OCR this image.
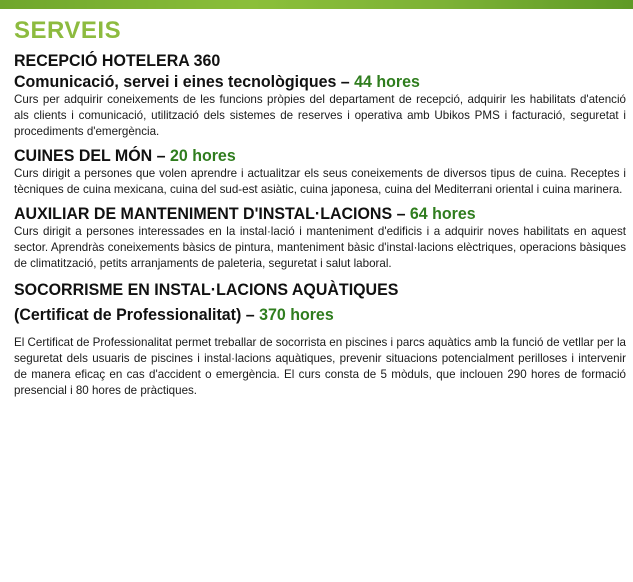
SERVEIS
RECEPCIÓ HOTELERA 360
Comunicació, servei i eines tecnològiques – 44 hores

Curs per adquirir coneixements de les funcions pròpies del departament de recepció, adquirir les habilitats d'atenció als clients i comunicació, utilització dels sistemes de reserves i operativa amb Ubikos PMS i facturació, seguretat i procediments d'emergència.

CUINES DEL MÓN – 20 hores

Curs dirigit a persones que volen aprendre i actualitzar els seus coneixements de diversos tipus de cuina. Receptes i tècniques de cuina mexicana, cuina del sud-est asiàtic, cuina japonesa, cuina del Mediterrani oriental i cuina marinera.

AUXILIAR DE MANTENIMENT D'INSTAL·LACIONS – 64 hores

Curs dirigit a persones interessades en la instal·lació i manteniment d'edificis i a adquirir noves habilitats en aquest sector. Aprendràs coneixements bàsics de pintura, manteniment bàsic d'instal·lacions elèctriques, operacions bàsiques de climatització, petits arranjaments de paleteria, seguretat i salut laboral.

SOCORRISME EN INSTAL·LACIONS AQUÀTIQUES
(Certificat de Professionalitat) – 370 hores

El Certificat de Professionalitat permet treballar de socorrista en piscines i parcs aquàtics amb la funció de vetllar per la seguretat dels usuaris de piscines i instal·lacions aquàtiques, prevenir situacions potencialment perilloses i intervenir de manera eficaç en cas d'accident o emergència. El curs consta de 5 mòduls, que inclouen 290 hores de formació presencial i 80 hores de pràctiques.
